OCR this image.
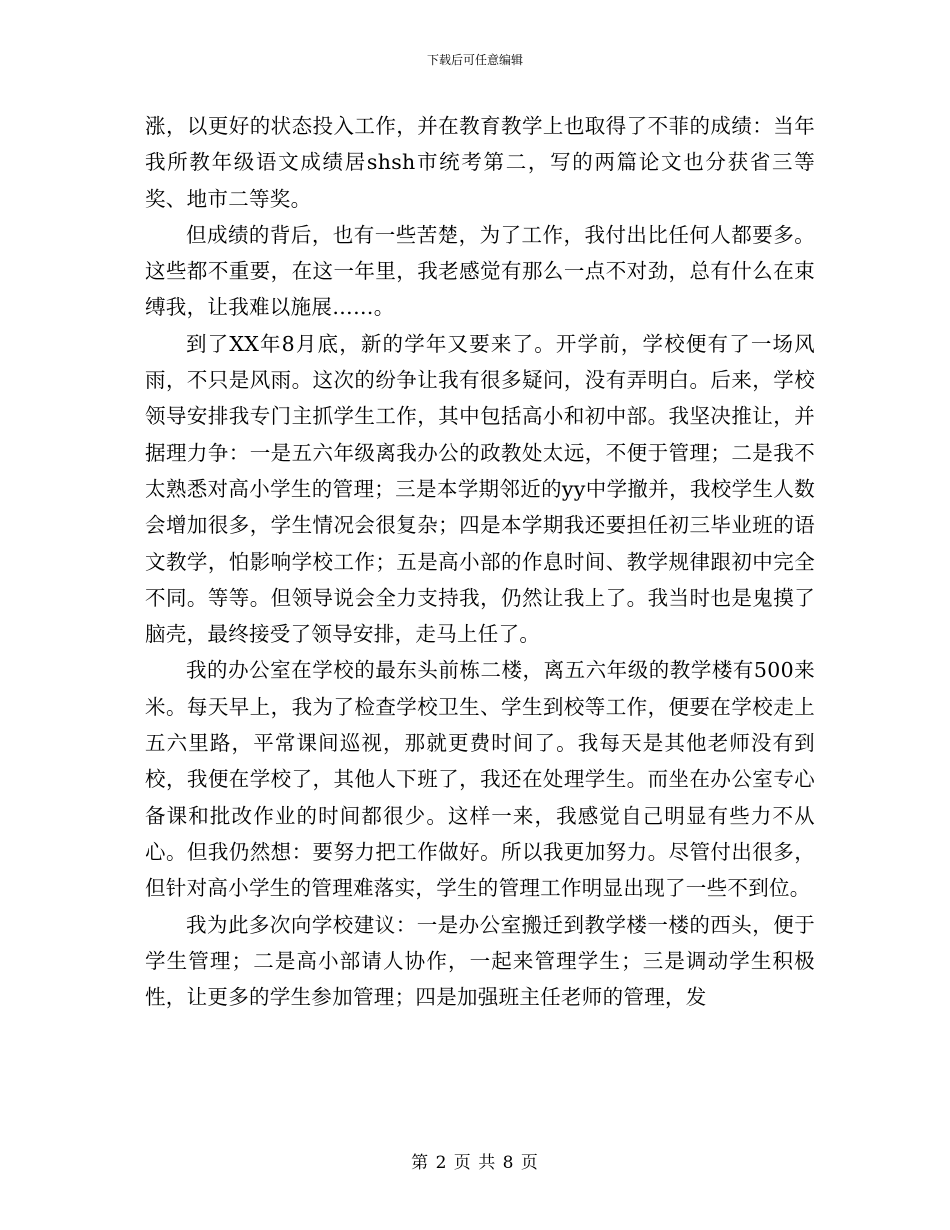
下载后可任意编辑

涨，以更好的状态投入工作，并在教育教学上也取得了不菲的成绩：当年我所教年级语文成绩居shsh市统考第二，写的两篇论文也分获省三等奖、地市二等奖。

但成绩的背后，也有一些苦楚，为了工作，我付出比任何人都要多。这些都不重要，在这一年里，我老感觉有那么一点不对劲，总有什么在束缚我，让我难以施展……。

到了XX年8月底，新的学年又要来了。开学前，学校便有了一场风雨，不只是风雨。这次的纷争让我有很多疑问，没有弄明白。后来，学校领导安排我专门主抓学生工作，其中包括高小和初中部。我坚决推让，并据理力争：一是五六年级离我办公的政教处太远，不便于管理；二是我不太熟悉对高小学生的管理；三是本学期邻近的yy中学撤并，我校学生人数会增加很多，学生情况会很复杂；四是本学期我还要担任初三毕业班的语文教学，怕影响学校工作；五是高小部的作息时间、教学规律跟初中完全不同。等等。但领导说会全力支持我，仍然让我上了。我当时也是鬼摸了脑壳，最终接受了领导安排，走马上任了。

我的办公室在学校的最东头前栋二楼，离五六年级的教学楼有500来米。每天早上，我为了检查学校卫生、学生到校等工作，便要在学校走上五六里路，平常课间巡视，那就更费时间了。我每天是其他老师没有到校，我便在学校了，其他人下班了，我还在处理学生。而坐在办公室专心备课和批改作业的时间都很少。这样一来，我感觉自己明显有些力不从心。但我仍然想：要努力把工作做好。所以我更加努力。尽管付出很多，但针对高小学生的管理难落实，学生的管理工作明显出现了一些不到位。

我为此多次向学校建议：一是办公室搬迁到教学楼一楼的西头，便于学生管理；二是高小部请人协作，一起来管理学生；三是调动学生积极性，让更多的学生参加管理；四是加强班主任老师的管理，发

第 2 页 共 8 页
